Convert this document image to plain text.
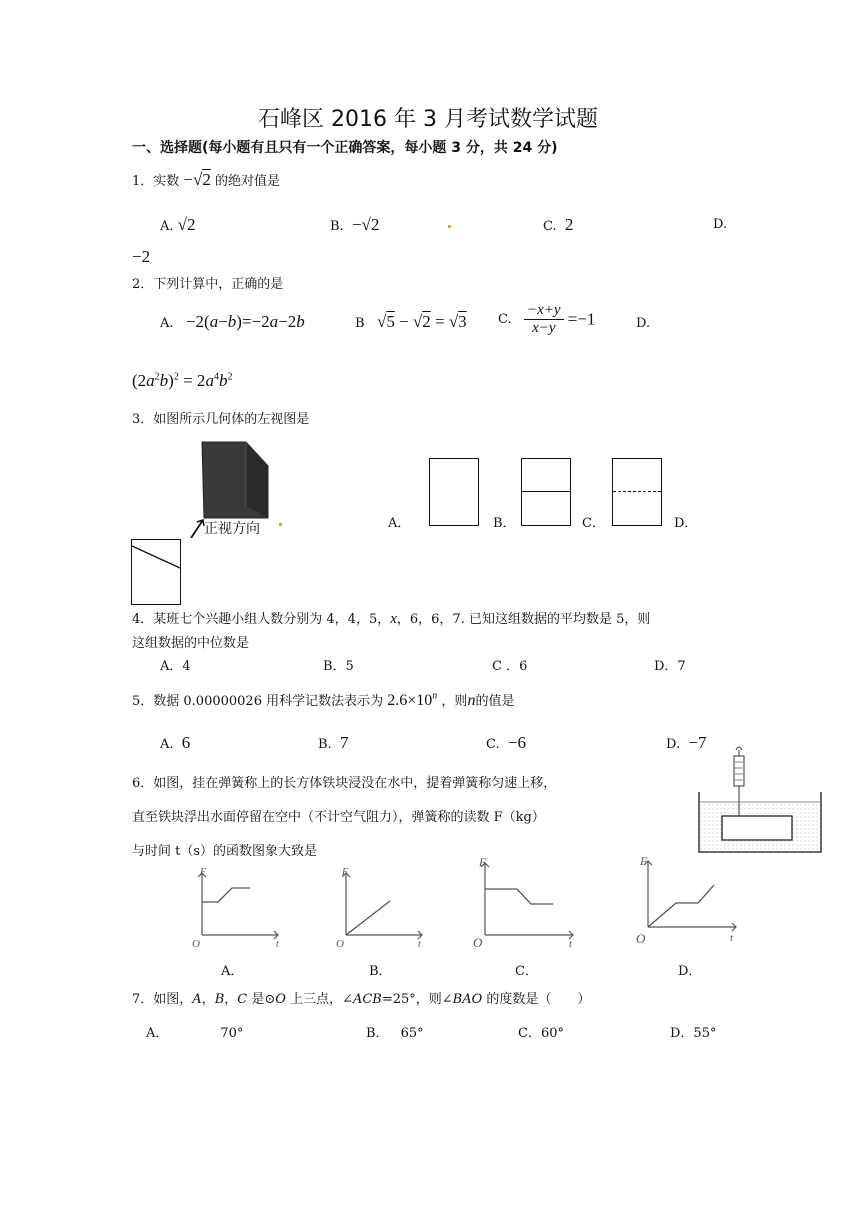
石峰区 2016 年 3 月考试数学试题
一、选择题(每小题有且只有一个正确答案，每小题 3 分，共 24 分)
1．实数 −√2 的绝对值是
A. √2	B. −√2	C. 2	D.
−2
2．下列计算中，正确的是
A. −2(a−b)=−2a−2b	B √5 − √2 = √3 C. $\frac{-x+y}{x-y} =-1$	D.
$(2a^2b)^2 = 2a^4b^2$
3．如图所示几何体的左视图是
正视方向	A．	B．	C．	D．
4．某班七个兴趣小组人数分别为 4，4，5，x，6，6，7. 已知这组数据的平均数是 5，则
这组数据的中位数是
A．4	B．5	C ．6	D．7
5．数据 0.00000026 用科学记数法表示为 $2.6\times 10^n$ ，则n的值是
A. 6	B. 7	C. −6	D. −7
6．如图，挂在弹簧称上的长方体铁块浸没在水中，提着弹簧称匀速上移，
直至铁块浮出水面停留在空中（不计空气阻力），弹簧称的读数 F（kg）
与时间 t（s）的函数图象大致是
F
t
O
F
t
O
F
t
O
F
t
O
A．	B．	C．	D．
7．如图，A，B，C 是⊙O 上三点，∠ACB=25°，则∠BAO 的度数是（　　）
A．	70°	B． 65°	C．60°	D．55°
